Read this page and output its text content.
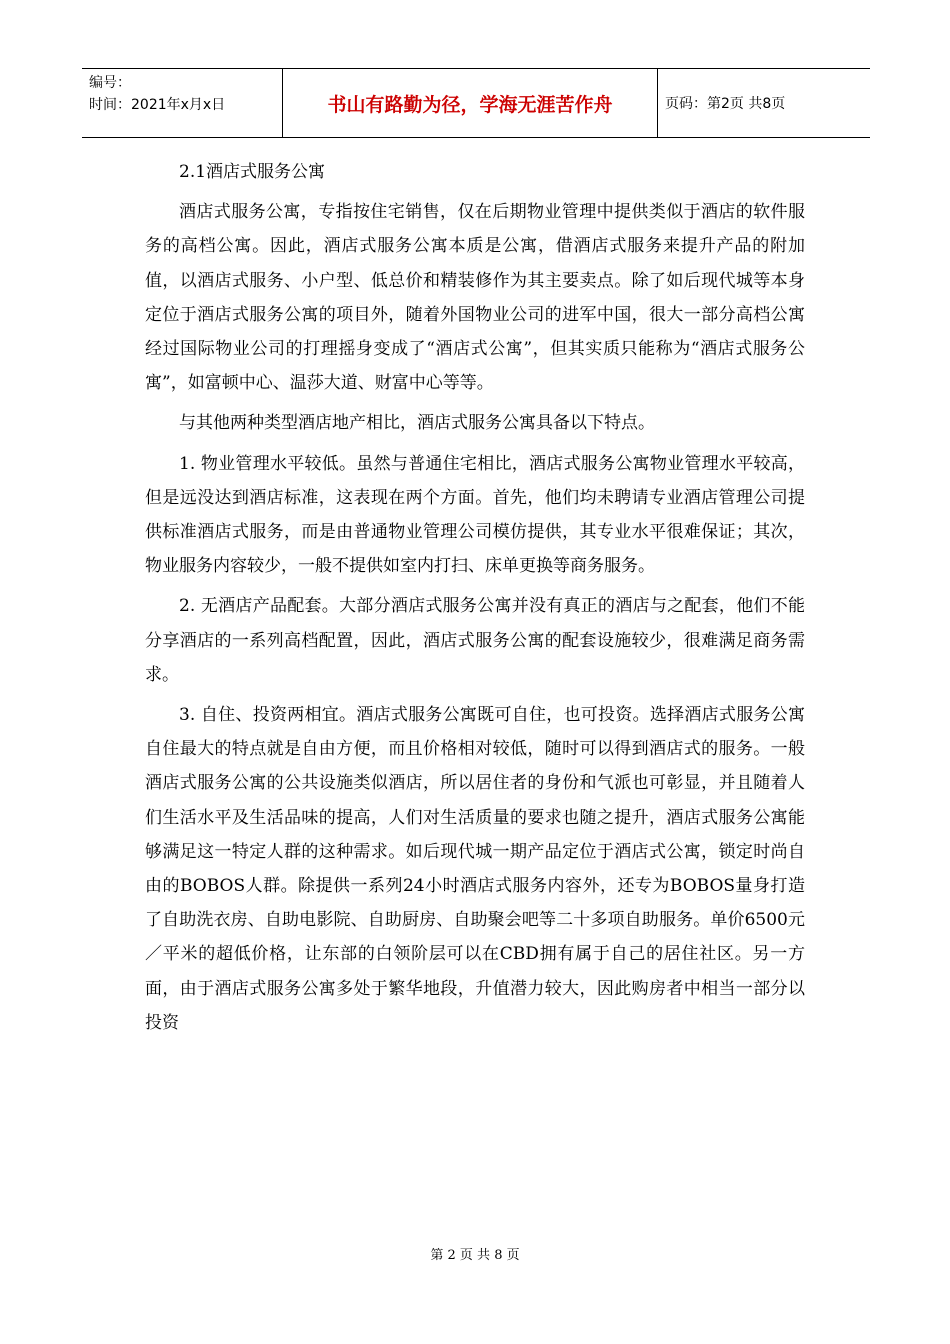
编号：
时间：2021年x月x日	书山有路勤为径，学海无涯苦作舟	页码：第2页 共8页

2.1酒店式服务公寓

酒店式服务公寓，专指按住宅销售，仅在后期物业管理中提供类似于酒店的软件服务的高档公寓。因此，酒店式服务公寓本质是公寓，借酒店式服务来提升产品的附加值，以酒店式服务、小户型、低总价和精装修作为其主要卖点。除了如后现代城等本身定位于酒店式服务公寓的项目外，随着外国物业公司的进军中国，很大一部分高档公寓经过国际物业公司的打理摇身变成了“酒店式公寓”，但其实质只能称为“酒店式服务公寓”，如富顿中心、温莎大道、财富中心等等。

与其他两种类型酒店地产相比，酒店式服务公寓具备以下特点。

1. 物业管理水平较低。虽然与普通住宅相比，酒店式服务公寓物业管理水平较高，但是远没达到酒店标准，这表现在两个方面。首先，他们均未聘请专业酒店管理公司提供标准酒店式服务，而是由普通物业管理公司模仿提供，其专业水平很难保证；其次，物业服务内容较少，一般不提供如室内打扫、床单更换等商务服务。

2. 无酒店产品配套。大部分酒店式服务公寓并没有真正的酒店与之配套，他们不能分享酒店的一系列高档配置，因此，酒店式服务公寓的配套设施较少，很难满足商务需求。

3. 自住、投资两相宜。酒店式服务公寓既可自住，也可投资。选择酒店式服务公寓自住最大的特点就是自由方便，而且价格相对较低，随时可以得到酒店式的服务。一般酒店式服务公寓的公共设施类似酒店，所以居住者的身份和气派也可彰显，并且随着人们生活水平及生活品味的提高，人们对生活质量的要求也随之提升，酒店式服务公寓能够满足这一特定人群的这种需求。如后现代城一期产品定位于酒店式公寓，锁定时尚自由的BOBOS人群。除提供一系列24小时酒店式服务内容外，还专为BOBOS量身打造了自助洗衣房、自助电影院、自助厨房、自助聚会吧等二十多项自助服务。单价6500元／平米的超低价格，让东部的白领阶层可以在CBD拥有属于自己的居住社区。另一方面，由于酒店式服务公寓多处于繁华地段，升值潜力较大，因此购房者中相当一部分以投资

第 2 页 共 8 页
